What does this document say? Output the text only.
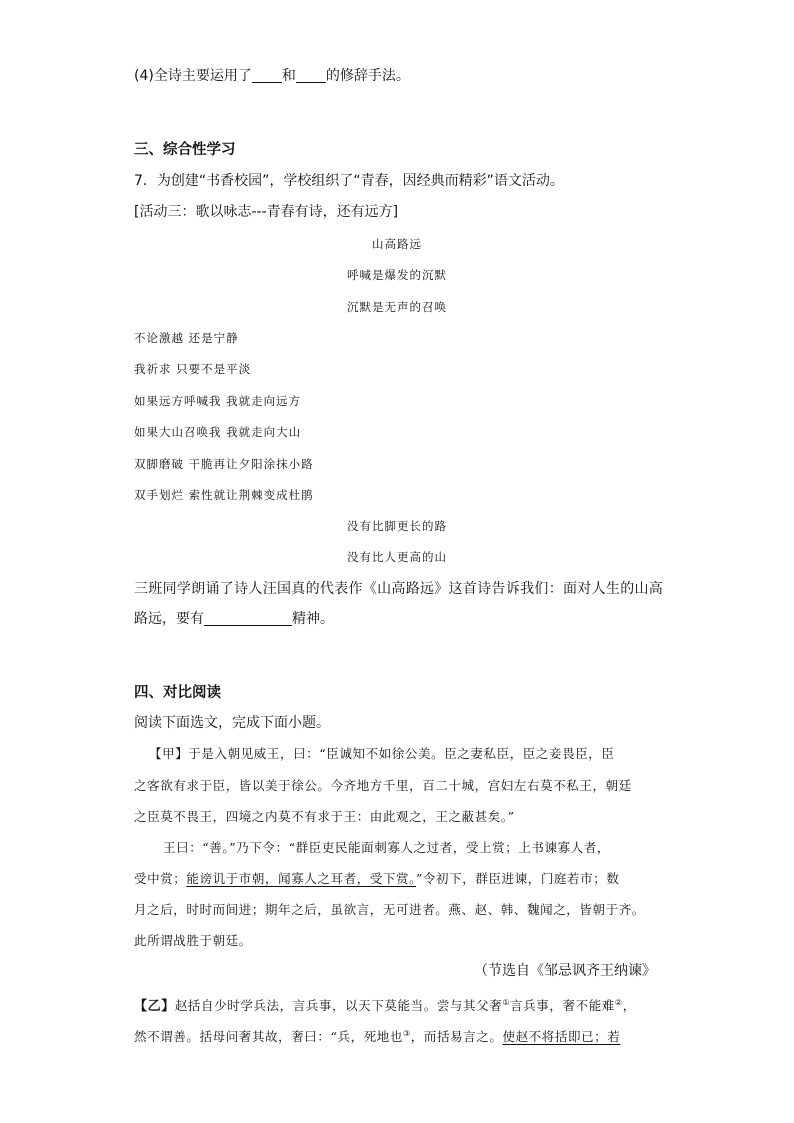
(4)全诗主要运用了 和 的修辞手法。
三、综合性学习
7．为创建“书香校园”，学校组织了“青春，因经典而精彩”语文活动。
[活动三：歌以咏志---青春有诗，还有远方]
山高路远
呼喊是爆发的沉默
沉默是无声的召唤
不论激越 还是宁静
我祈求 只要不是平淡
如果远方呼喊我 我就走向远方
如果大山召唤我 我就走向大山
双脚磨破 干脆再让夕阳涂抹小路
双手划烂 索性就让荆棘变成杜鹃
没有比脚更长的路
没有比人更高的山
三班同学朗诵了诗人汪国真的代表作《山高路远》这首诗告诉我们：面对人生的山高
路远，要有	精神。
四、对比阅读
阅读下面选文，完成下面小题。
【甲】于是入朝见威王，曰：“臣诚知不如徐公美。臣之妻私臣，臣之妾畏臣，臣
之客欲有求于臣，皆以美于徐公。今齐地方千里，百二十城，宫妇左右莫不私王，朝廷
之臣莫不畏王，四境之内莫不有求于王：由此观之，王之蔽甚矣。”
王曰：“善。”乃下令：“群臣吏民能面刺寡人之过者，受上赏；上书谏寡人者，
受中赏；能谤讥于市朝，闻寡人之耳者，受下赏。”令初下，群臣进谏，门庭若市；数
月之后，时时而间进；期年之后，虽欲言，无可进者。燕、赵、韩、魏闻之，皆朝于齐。
此所谓战胜于朝廷。
（节选自《邹忌讽齐王纳谏》
【乙】赵括自少时学兵法，言兵事，以天下莫能当。尝与其父奢①言兵事，奢不能难②，
然不谓善。括母问奢其故，奢曰：“兵，死地也③，而括易言之。使赵不将括即已；若
